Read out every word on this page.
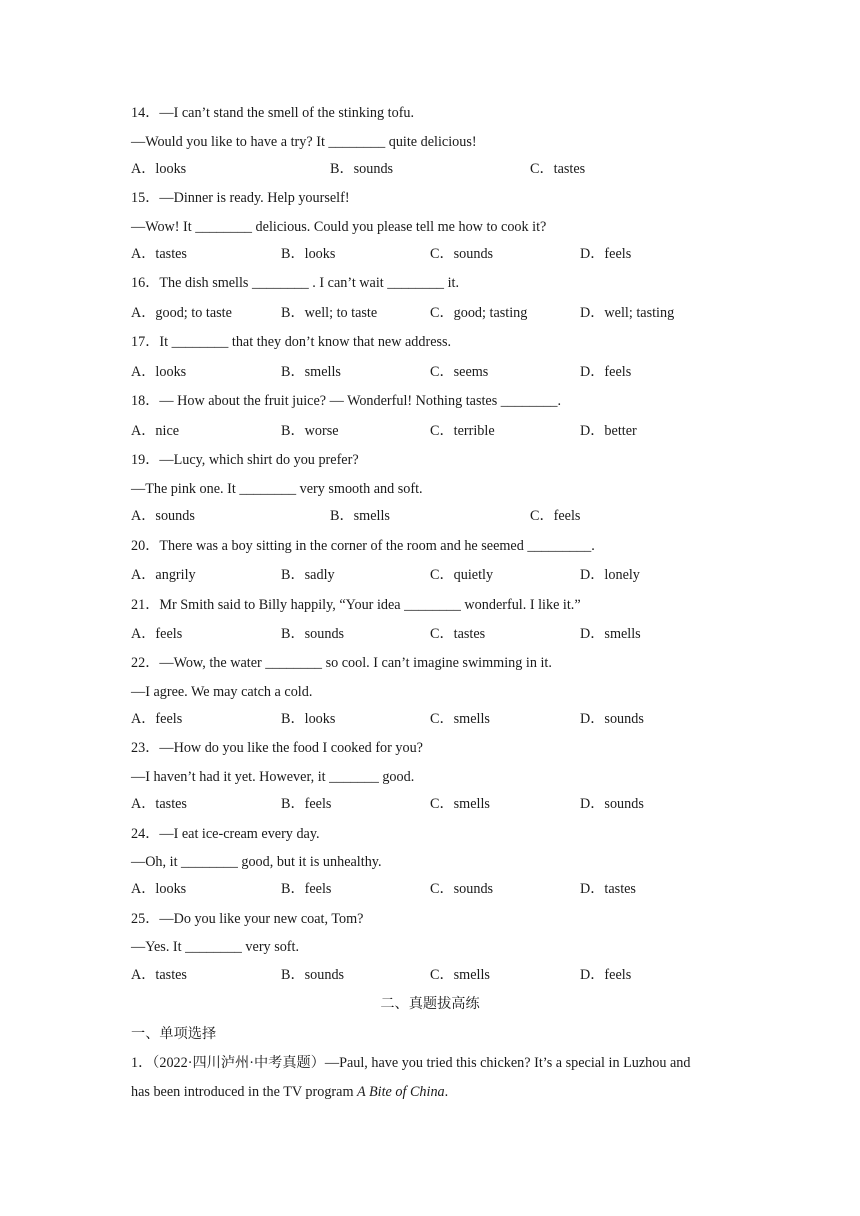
14．—I can’t stand the smell of the stinking tofu.
—Would you like to have a try? It ________ quite delicious!
A．looks	B．sounds	C．tastes
15．—Dinner is ready. Help yourself!
—Wow! It ________ delicious. Could you please tell me how to cook it?
A．tastes	B．looks	C．sounds	D．feels
16．The dish smells ________ . I can’t wait ________ it.
A．good; to taste	B．well; to taste	C．good; tasting	D．well; tasting
17．It ________ that they don’t know that new address.
A．looks	B．smells	C．seems	D．feels
18．— How about the fruit juice? — Wonderful! Nothing tastes ________.
A．nice	B．worse	C．terrible	D．better
19．—Lucy, which shirt do you prefer?
—The pink one. It ________ very smooth and soft.
A．sounds	B．smells	C．feels
20．There was a boy sitting in the corner of the room and he seemed _________.
A．angrily	B．sadly	C．quietly	D．lonely
21．Mr Smith said to Billy happily, “Your idea ________ wonderful. I like it.”
A．feels	B．sounds	C．tastes	D．smells
22．—Wow, the water ________ so cool. I can’t imagine swimming in it.
—I agree. We may catch a cold.
A．feels	B．looks	C．smells	D．sounds
23．—How do you like the food I cooked for you?
—I haven’t had it yet. However, it _______ good.
A．tastes	B．feels	C．smells	D．sounds
24．—I eat ice-cream every day.
—Oh, it ________ good, but it is unhealthy.
A．looks	B．feels	C．sounds	D．tastes
25．—Do you like your new coat, Tom?
—Yes. It ________ very soft.
A．tastes	B．sounds	C．smells	D．feels
二、真题拔高练
一、单项选择
1．（2022·四川泸州·中考真题）—Paul, have you tried this chicken? It’s a special in Luzhou and
has been introduced in the TV program A Bite of China.
